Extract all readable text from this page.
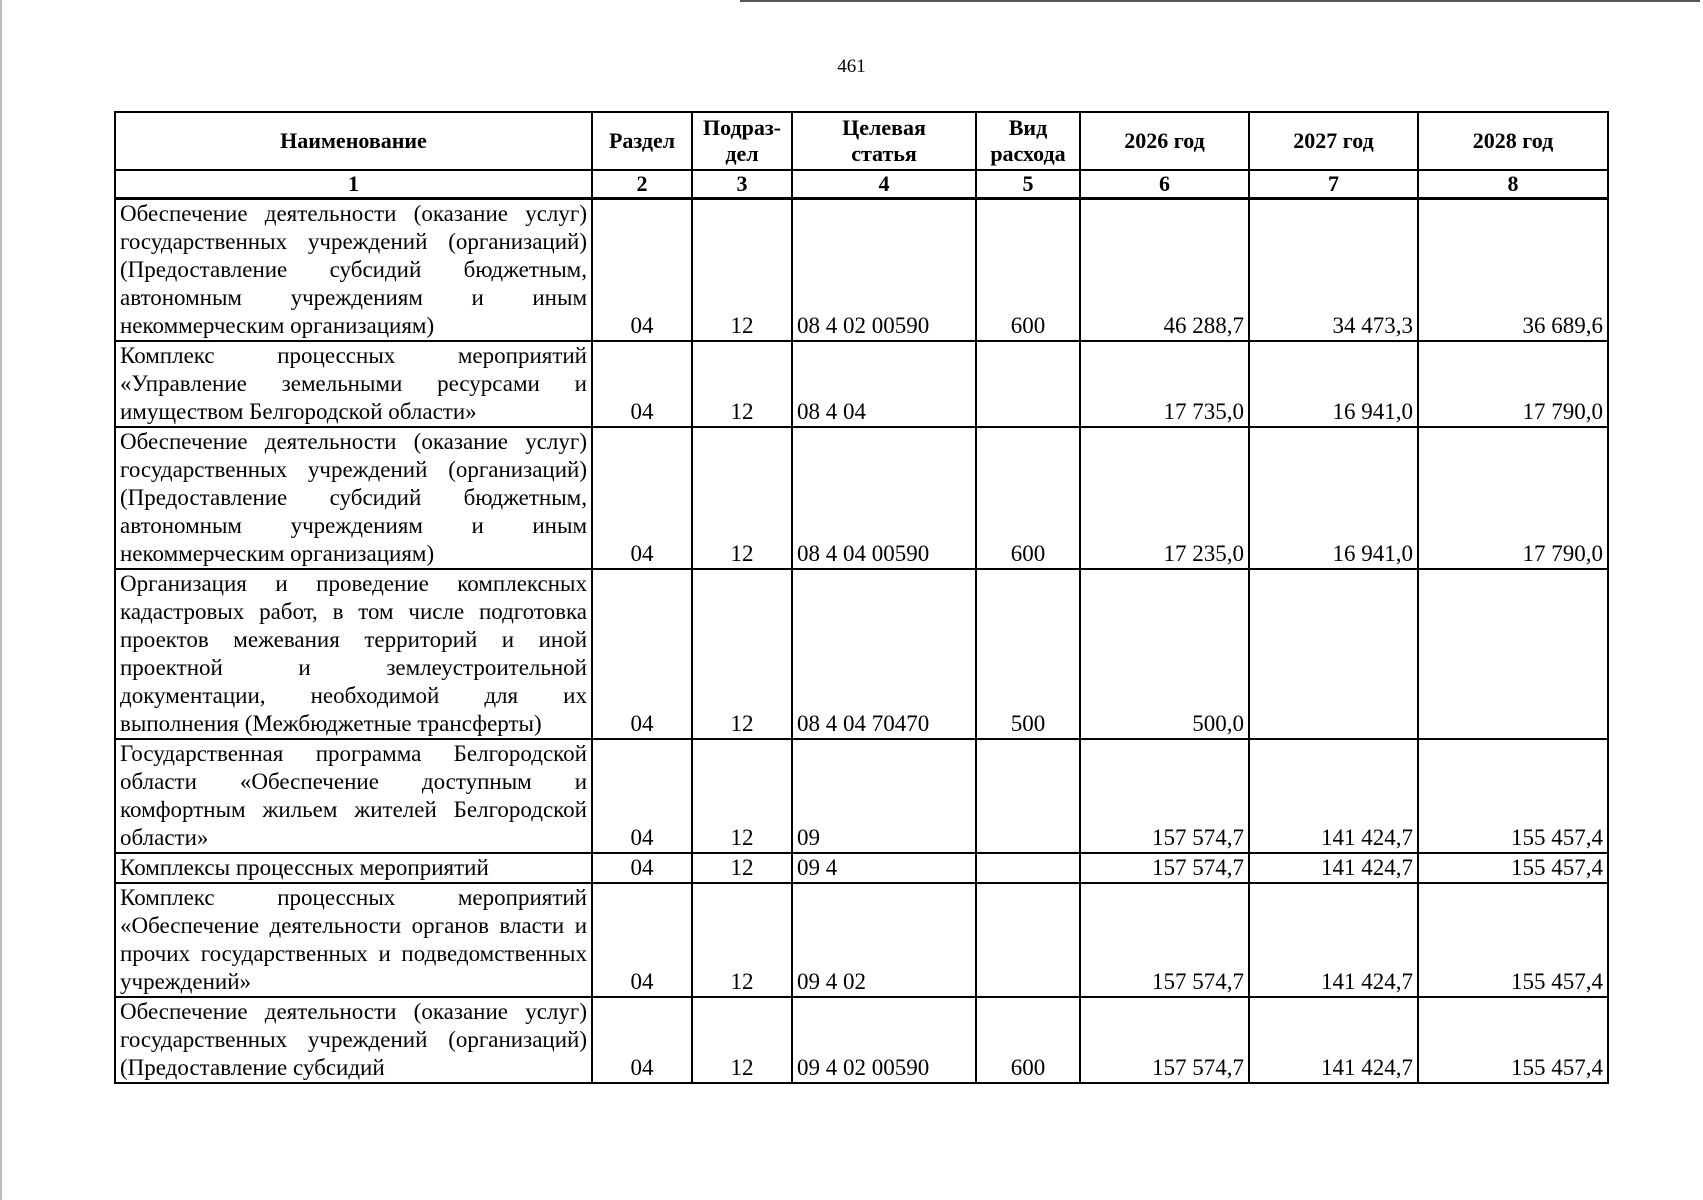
461
Наименование	Раздел	Подраз-дел	Целевая статья	Вид расхода	2026 год	2027 год	2028 год
1	2	3	4	5	6	7	8
Обеспечение деятельности (оказание услуг) государственных учреждений (организаций) (Предоставление субсидий бюджетным, автономным учреждениям и иным некоммерческим организациям)	04	12	08 4 02 00590	600	46 288,7	34 473,3	36 689,6
Комплекс процессных мероприятий «Управление земельными ресурсами и имуществом Белгородской области»	04	12	08 4 04		17 735,0	16 941,0	17 790,0
Обеспечение деятельности (оказание услуг) государственных учреждений (организаций) (Предоставление субсидий бюджетным, автономным учреждениям и иным некоммерческим организациям)	04	12	08 4 04 00590	600	17 235,0	16 941,0	17 790,0
Организация и проведение комплексных кадастровых работ, в том числе подготовка проектов межевания территорий и иной проектной и землеустроительной документации, необходимой для их выполнения (Межбюджетные трансферты)	04	12	08 4 04 70470	500	500,0		
Государственная программа Белгородской области «Обеспечение доступным и комфортным жильем жителей Белгородской области»	04	12	09		157 574,7	141 424,7	155 457,4
Комплексы процессных мероприятий	04	12	09 4		157 574,7	141 424,7	155 457,4
Комплекс процессных мероприятий «Обеспечение деятельности органов власти и прочих государственных и подведомственных учреждений»	04	12	09 4 02		157 574,7	141 424,7	155 457,4
Обеспечение деятельности (оказание услуг) государственных учреждений (организаций) (Предоставление субсидий	04	12	09 4 02 00590	600	157 574,7	141 424,7	155 457,4
